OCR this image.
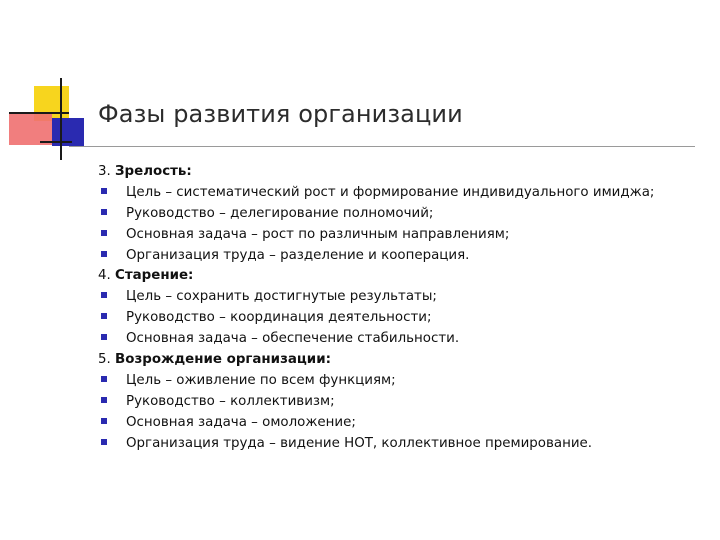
Фазы развития организации
3. Зрелость:
Цель – систематический рост и формирование индивидуального имиджа;
Руководство – делегирование полномочий;
Основная задача – рост по различным направлениям;
Организация труда – разделение и кооперация.
4. Старение:
Цель – сохранить достигнутые результаты;
Руководство – координация деятельности;
Основная задача – обеспечение стабильности.
5. Возрождение организации:
Цель – оживление по всем функциям;
Руководство – коллективизм;
Основная задача – омоложение;
Организация труда – видение НОТ, коллективное премирование.
